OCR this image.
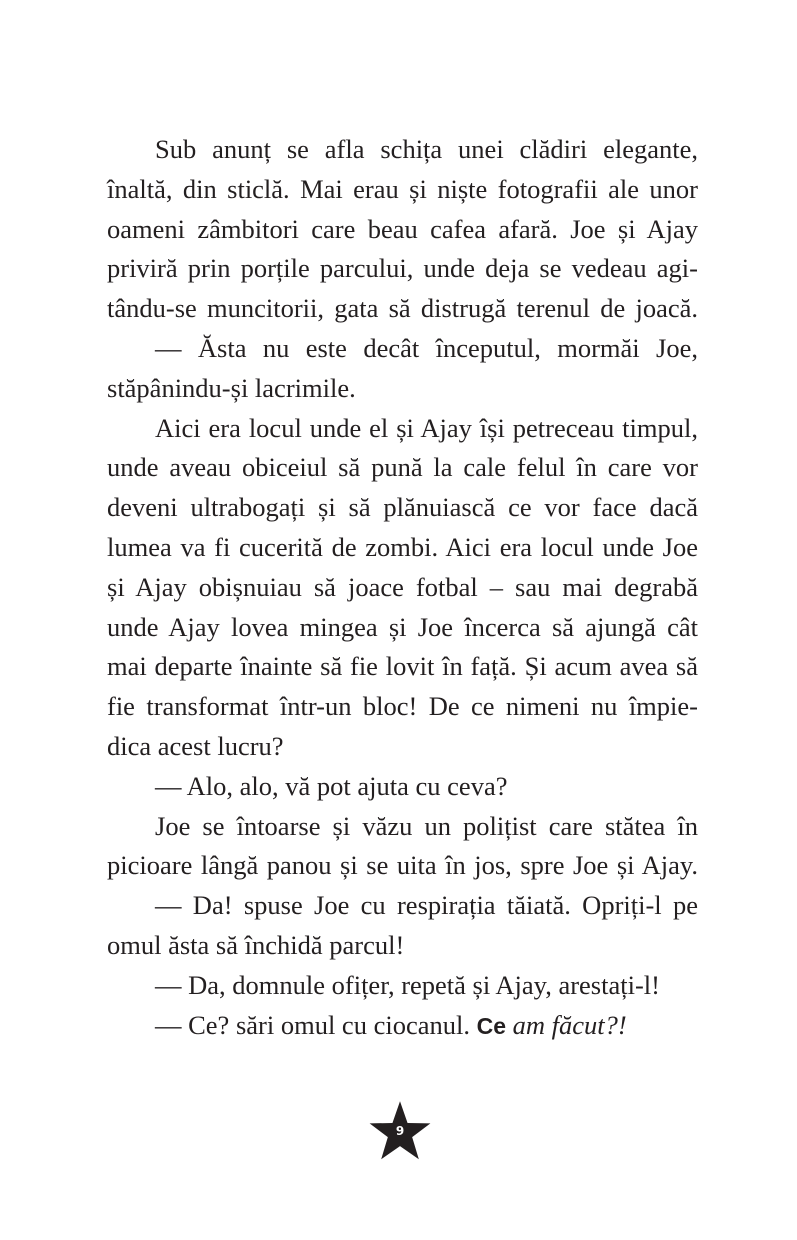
Sub anunț se afla schița unei clădiri elegante,
înaltă, din sticlă. Mai erau și niște fotografii ale unor
oameni zâmbitori care beau cafea afară. Joe și Ajay
priviră prin porțile parcului, unde deja se vedeau agi-
tându-se muncitorii, gata să distrugă terenul de joacă.
— Ăsta nu este decât începutul, mormăi Joe,
stăpânindu-și lacrimile.
Aici era locul unde el și Ajay își petreceau timpul,
unde aveau obiceiul să pună la cale felul în care vor
deveni ultrabogați și să plănuiască ce vor face dacă
lumea va fi cucerită de zombi. Aici era locul unde Joe
și Ajay obișnuiau să joace fotbal – sau mai degrabă
unde Ajay lovea mingea și Joe încerca să ajungă cât
mai departe înainte să fie lovit în față. Și acum avea să
fie transformat într-un bloc! De ce nimeni nu împie-
dica acest lucru?
— Alo, alo, vă pot ajuta cu ceva?
Joe se întoarse și văzu un polițist care stătea în
picioare lângă panou și se uita în jos, spre Joe și Ajay.
— Da! spuse Joe cu respirația tăiată. Opriți-l pe
omul ăsta să închidă parcul!
— Da, domnule ofițer, repetă și Ajay, arestați-l!
— Ce? sări omul cu ciocanul. Ce am făcut?!
9
